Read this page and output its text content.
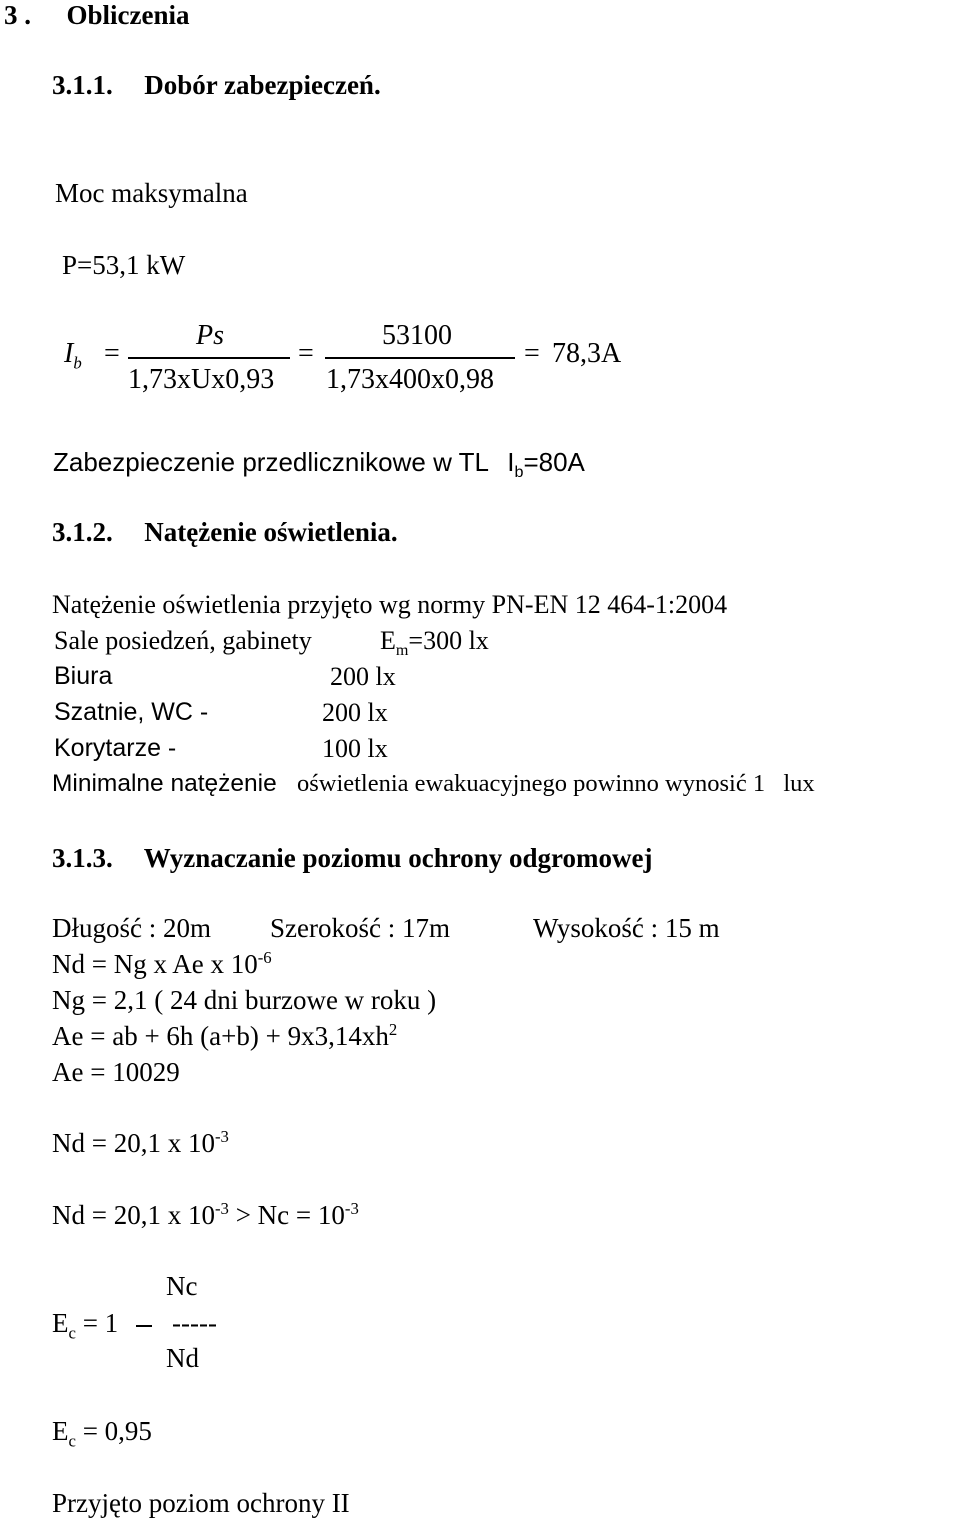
3 . Obliczenia
3.1.1. Dobór zabezpieczeń.
Moc maksymalna
P=53,1 kW
$I_b$ =
Ps
1,73xUx0,93
=
53100
1,73x400x0,98
= 78,3A
Zabezpieczenie przedlicznikowe w TL $I_b=80A$
3.1.2. Natężenie oświetlenia.
Natężenie oświetlenia przyjęto wg normy PN-EN 12 464-1:2004
Sale posiedzeń, gabinety	$E_m=300$ lx
Biura	200 lx
Szatnie, WC -	200 lx
Korytarze -	100 lx
Minimalne natężenie oświetlenia ewakuacyjnego powinno wynosić 1 lux
3.1.3. Wyznaczanie poziomu ochrony odgromowej
Długość : 20m Szerokość : 17m	Wysokość : 15 m
Nd = Ng x Ae x $10^{-6}$
Ng = 2,1 ( 24 dni burzowe w roku )
Ae = ab + 6h $(a+b) + 9x3,14xh^2$
Ae = 10029
Nd = 20,1 x $10^{-3}$
Nd = 20,1 x $10^{-3} > Nc = 10^{-3}$
Nc
$E_c = 1$ -----
Nd
$E_c = 0,95$
Przyjęto poziom ochrony II
